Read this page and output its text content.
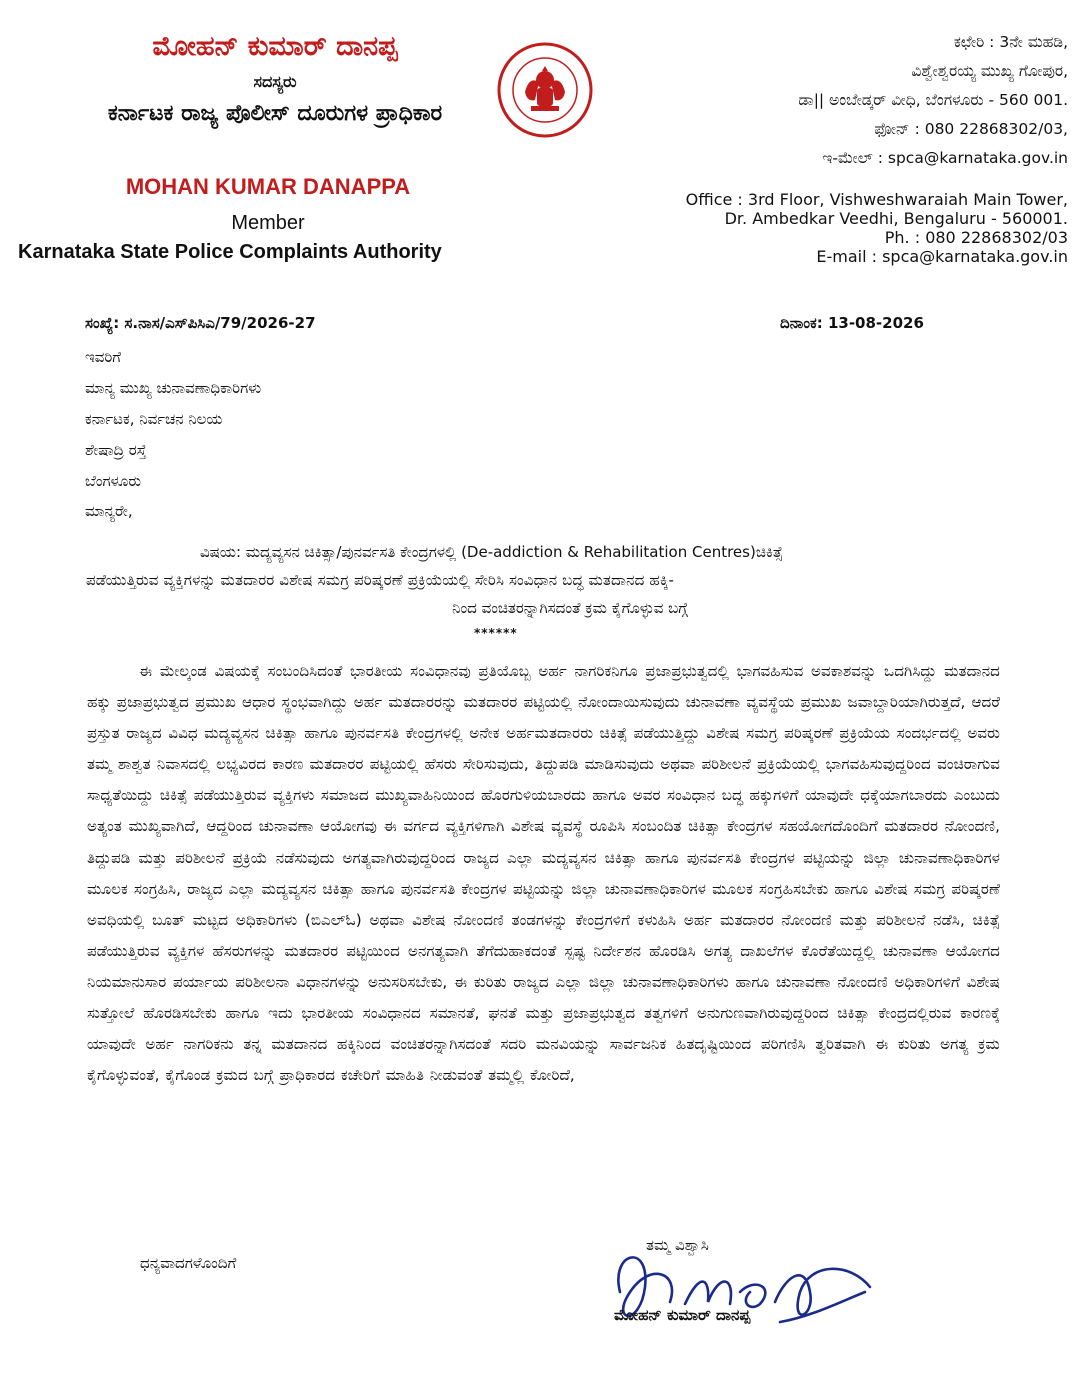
ಮೋಹನ್ ಕುಮಾರ್ ದಾನಪ್ಪ
ಸದಸ್ಯರು
ಕರ್ನಾಟಕ ರಾಜ್ಯ ಪೊಲೀಸ್ ದೂರುಗಳ ಪ್ರಾಧಿಕಾರ
MOHAN KUMAR DANAPPA
Member
Karnataka State Police Complaints Authority
ಕಛೇರಿ : 3ನೇ ಮಹಡಿ,
ವಿಶ್ವೇಶ್ವರಯ್ಯ ಮುಖ್ಯ ಗೋಪುರ,
ಡಾ|| ಅಂಬೇಡ್ಕರ್ ವೀಧಿ, ಬೆಂಗಳೂರು - 560 001.
ಫೋನ್ : 080 22868302/03,
ಇ-ಮೇಲ್ : spca@karnataka.gov.in
Office : 3rd Floor, Vishweshwaraiah Main Tower,
Dr. Ambedkar Veedhi, Bengaluru - 560001.
Ph. : 080 22868302/03
E-mail : spca@karnataka.gov.in
ಸಂಖ್ಯೆ: ಸ.ನಾಸ/ಎಸ್‌ಪಿಸಿಎ/79/2026-27	ದಿನಾಂಕ: 13-08-2026
ಇವರಿಗೆ
ಮಾನ್ಯ ಮುಖ್ಯ ಚುನಾವಣಾಧಿಕಾರಿಗಳು
ಕರ್ನಾಟಕ, ನಿರ್ವಚನ ನಿಲಯ
ಶೇಷಾದ್ರಿ ರಸ್ತೆ
ಬೆಂಗಳೂರು
ಮಾನ್ಯರೇ,
ವಿಷಯ: ಮದ್ಯವ್ಯಸನ ಚಿಕಿತ್ಸಾ/ಪುನರ್ವಸತಿ ಕೇಂದ್ರಗಳಲ್ಲಿ (De-addiction & Rehabilitation Centres)ಚಿಕಿತ್ಸೆ
ಪಡೆಯುತ್ತಿರುವ ವ್ಯಕ್ತಿಗಳನ್ನು ಮತದಾರರ ವಿಶೇಷ ಸಮಗ್ರ ಪರಿಷ್ಕರಣೆ ಪ್ರಕ್ರಿಯೆಯಲ್ಲಿ ಸೇರಿಸಿ ಸಂವಿಧಾನ ಬದ್ಧ ಮತದಾನದ ಹಕ್ಕಿ-
ನಿಂದ ವಂಚಿತರನ್ನಾಗಿಸದಂತೆ ಕ್ರಮ ಕೈಗೊಳ್ಳುವ ಬಗ್ಗೆ
******
ಈ ಮೇಲ್ಕಂಡ ವಿಷಯಕ್ಕೆ ಸಂಬಂದಿಸಿದಂತೆ ಭಾರತೀಯ ಸಂವಿಧಾನವು ಪ್ರತಿಯೊಬ್ಬ ಅರ್ಹ ನಾಗರಿಕನಿಗೂ ಪ್ರಜಾಪ್ರಭುತ್ವದಲ್ಲಿ ಭಾಗವಹಿಸುವ ಅವಕಾಶವನ್ನು ಒದಗಿಸಿದ್ದು ಮತದಾನದ ಹಕ್ಕು ಪ್ರಜಾಪ್ರಭುತ್ವದ ಪ್ರಮುಖ ಆಧಾರ ಸ್ಥಂಭವಾಗಿದ್ದು ಅರ್ಹ ಮತದಾರರನ್ನು ಮತದಾರರ ಪಟ್ಟಿಯಲ್ಲಿ ನೋಂದಾಯಿಸುವುದು ಚುನಾವಣಾ ವ್ಯವಸ್ಥೆಯ ಪ್ರಮುಖ ಜವಾಬ್ದಾರಿಯಾಗಿರುತ್ತದೆ, ಆದರೆ ಪ್ರಸ್ತುತ ರಾಜ್ಯದ ವಿವಿಧ ಮದ್ಯವ್ಯಸನ ಚಿಕಿತ್ಸಾ ಹಾಗೂ ಪುನರ್ವಸತಿ ಕೇಂದ್ರಗಳಲ್ಲಿ ಅನೇಕ ಅರ್ಹಮತದಾರರು ಚಿಕಿತ್ಸೆ ಪಡೆಯುತ್ತಿದ್ದು ವಿಶೇಷ ಸಮಗ್ರ ಪರಿಷ್ಕರಣೆ ಪ್ರಕ್ರಿಯೆಯ ಸಂದರ್ಭದಲ್ಲಿ ಅವರು ತಮ್ಮ ಶಾಶ್ವತ ನಿವಾಸದಲ್ಲಿ ಲಭ್ಯವಿರದ ಕಾರಣ ಮತದಾರರ ಪಟ್ಟಿಯಲ್ಲಿ ಹೆಸರು ಸೇರಿಸುವುದು, ತಿದ್ದುಪಡಿ ಮಾಡಿಸುವುದು ಅಥವಾ ಪರಿಶೀಲನೆ ಪ್ರಕ್ರಿಯೆಯಲ್ಲಿ ಭಾಗವಹಿಸುವುದ್ದರಿಂದ ವಂಚಿರಾಗುವ ಸಾಧ್ಯತೆಯಿದ್ದು ಚಿಕಿತ್ಸೆ ಪಡೆಯುತ್ತಿರುವ ವ್ಯಕ್ತಿಗಳು ಸಮಾಜದ ಮುಖ್ಯವಾಹಿನಿಯಿಂದ ಹೊರಗುಳಿಯಬಾರದು ಹಾಗೂ ಅವರ ಸಂವಿಧಾನ ಬದ್ಧ ಹಕ್ಕುಗಳಿಗೆ ಯಾವುದೇ ಧಕ್ಕೆಯಾಗಬಾರದು ಎಂಬುದು ಅತ್ಯಂತ ಮುಖ್ಯವಾಗಿದೆ, ಆದ್ದರಿಂದ ಚುನಾವಣಾ ಆಯೋಗವು ಈ ವರ್ಗದ ವ್ಯಕ್ತಿಗಳಿಗಾಗಿ ವಿಶೇಷ ವ್ಯವಸ್ಥೆ ರೂಪಿಸಿ ಸಂಬಂದಿತ ಚಿಕಿತ್ಸಾ ಕೇಂದ್ರಗಳ ಸಹಯೋಗದೊಂದಿಗೆ ಮತದಾರರ ನೋಂದಣಿ, ತಿದ್ದುಪಡಿ ಮತ್ತು ಪರಿಶೀಲನೆ ಪ್ರಕ್ರಿಯೆ ನಡೆಸುವುದು ಅಗತ್ಯವಾಗಿರುವುದ್ದರಿಂದ ರಾಜ್ಯದ ಎಲ್ಲಾ ಮದ್ಯವ್ಯಸನ ಚಿಕಿತ್ಸಾ ಹಾಗೂ ಪುನರ್ವಸತಿ ಕೇಂದ್ರಗಳ ಪಟ್ಟಿಯನ್ನು ಜಿಲ್ಲಾ ಚುನಾವಣಾಧಿಕಾರಿಗಳ ಮೂಲಕ ಸಂಗ್ರಹಿಸಿ, ರಾಜ್ಯದ ಎಲ್ಲಾ ಮದ್ಯವ್ಯಸನ ಚಿಕಿತ್ಸಾ ಹಾಗೂ ಪುನರ್ವಸತಿ ಕೇಂದ್ರಗಳ ಪಟ್ಟಿಯನ್ನು ಜಿಲ್ಲಾ ಚುನಾವಣಾಧಿಕಾರಿಗಳ ಮೂಲಕ ಸಂಗ್ರಹಿಸಬೇಕು ಹಾಗೂ ವಿಶೇಷ ಸಮಗ್ರ ಪರಿಷ್ಕರಣೆ ಅವಧಿಯಲ್ಲಿ ಬೂತ್ ಮಟ್ಟದ ಅಧಿಕಾರಿಗಳು (ಬಿಎಲ್‌ಓ) ಅಥವಾ ವಿಶೇಷ ನೋಂದಣಿ ತಂಡಗಳನ್ನು ಕೇಂದ್ರಗಳಿಗೆ ಕಳುಹಿಸಿ ಅರ್ಹ ಮತದಾರರ ನೋಂದಣಿ ಮತ್ತು ಪರಿಶೀಲನೆ ನಡೆಸಿ, ಚಿಕಿತ್ಸೆ ಪಡೆಯುತ್ತಿರುವ ವ್ಯಕ್ತಿಗಳ ಹೆಸರುಗಳನ್ನು ಮತದಾರರ ಪಟ್ಟಿಯಿಂದ ಅನಗತ್ಯವಾಗಿ ತೆಗೆದುಹಾಕದಂತೆ ಸ್ಪಷ್ಟ ನಿರ್ದೇಶನ ಹೊರಡಿಸಿ ಅಗತ್ಯ ದಾಖಲೆಗಳ ಕೊರೆತೆಯಿದ್ದಲ್ಲಿ ಚುನಾವಣಾ ಆಯೋಗದ ನಿಯಮಾನುಸಾರ ಪರ್ಯಾಯ ಪರಿಶೀಲನಾ ವಿಧಾನಗಳನ್ನು ಅನುಸರಿಸಬೇಕು, ಈ ಕುರಿತು ರಾಜ್ಯದ ಎಲ್ಲಾ ಜಿಲ್ಲಾ ಚುನಾವಣಾಧಿಕಾರಿಗಳು ಹಾಗೂ ಚುನಾವಣಾ ನೋಂದಣಿ ಅಧಿಕಾರಿಗಳಿಗೆ ವಿಶೇಷ ಸುತ್ತೋಲೆ ಹೊರಡಿಸಬೇಕು ಹಾಗೂ ಇದು ಭಾರತೀಯ ಸಂವಿಧಾನದ ಸಮಾನತೆ, ಘನತೆ ಮತ್ತು ಪ್ರಜಾಪ್ರಭುತ್ವದ ತತ್ವಗಳಿಗೆ ಅನುಗುಣವಾಗಿರುವುದ್ದರಿಂದ ಚಿಕಿತ್ಸಾ ಕೇಂದ್ರದಲ್ಲಿರುವ ಕಾರಣಕ್ಕೆ ಯಾವುದೇ ಅರ್ಹ ನಾಗರಿಕನು ತನ್ನ ಮತದಾನದ ಹಕ್ಕಿನಿಂದ ವಂಚಿತರನ್ನಾಗಿಸದಂತೆ ಸದರಿ ಮನವಿಯನ್ನು ಸಾರ್ವಜನಿಕ ಹಿತದೃಷ್ಟಿಯಿಂದ ಪರಿಗಣಿಸಿ ತ್ವರಿತವಾಗಿ ಈ ಕುರಿತು ಅಗತ್ಯ ಕ್ರಮ ಕೈಗೊಳ್ಳುವಂತೆ, ಕೈಗೊಂಡ ಕ್ರಮದ ಬಗ್ಗೆ ಪ್ರಾಧಿಕಾರದ ಕಚೇರಿಗೆ ಮಾಹಿತಿ ನೀಡುವಂತೆ ತಮ್ಮಲ್ಲಿ ಕೋರಿದೆ,
ಧನ್ಯವಾದಗಳೊಂದಿಗೆ
ತಮ್ಮ ವಿಶ್ವಾಸಿ
ಮೋಹನ್ ಕುಮಾರ್ ದಾನಪ್ಪ
